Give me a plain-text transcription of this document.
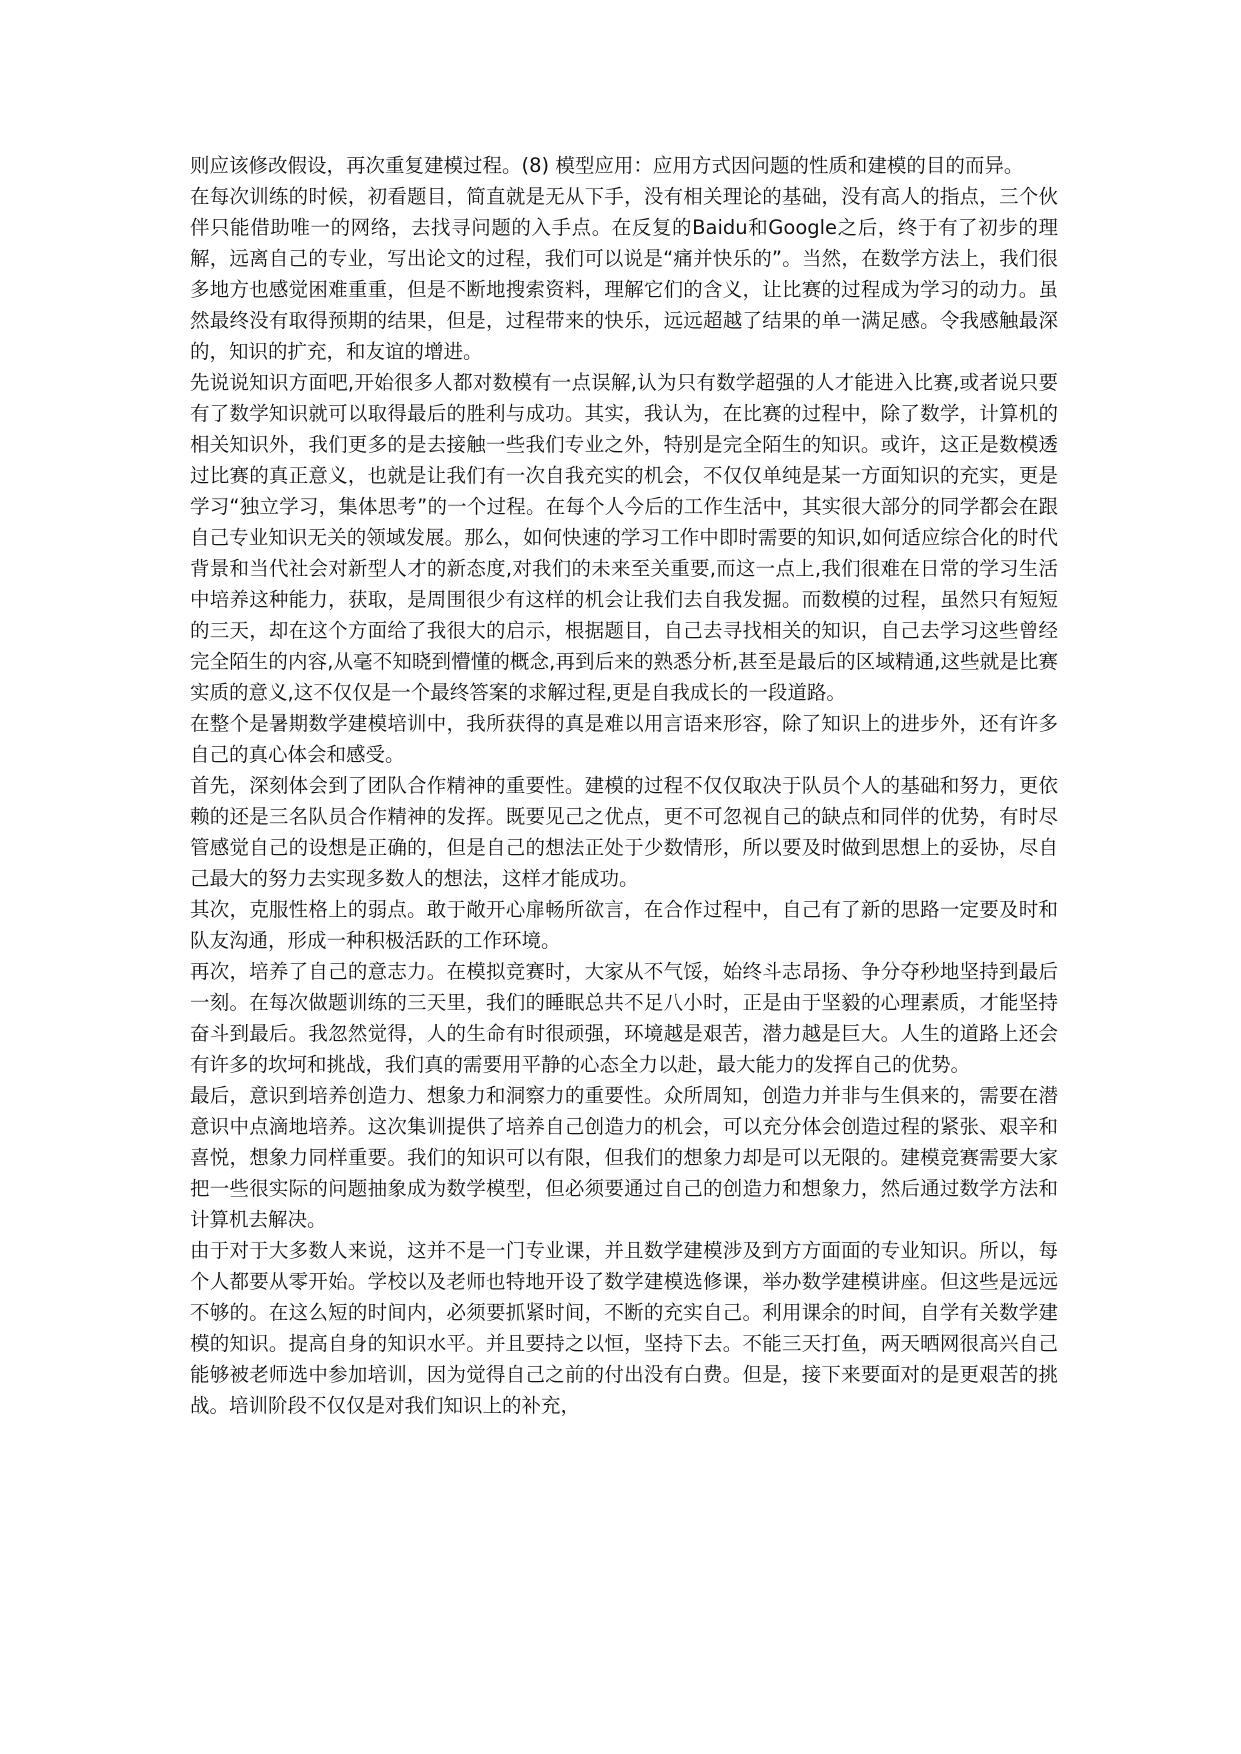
则应该修改假设，再次重复建模过程。(8) 模型应用：应用方式因问题的性质和建模的目的而异。

在每次训练的时候，初看题目，简直就是无从下手，没有相关理论的基础，没有高人的指点，三个伙伴只能借助唯一的网络，去找寻问题的入手点。在反复的Baidu和Google之后，终于有了初步的理解，远离自己的专业，写出论文的过程，我们可以说是“痛并快乐的”。当然，在数学方法上，我们很多地方也感觉困难重重，但是不断地搜索资料，理解它们的含义，让比赛的过程成为学习的动力。虽然最终没有取得预期的结果，但是，过程带来的快乐，远远超越了结果的单一满足感。令我感触最深的，知识的扩充，和友谊的增进。

先说说知识方面吧,开始很多人都对数模有一点误解,认为只有数学超强的人才能进入比赛,或者说只要有了数学知识就可以取得最后的胜利与成功。其实，我认为，在比赛的过程中，除了数学，计算机的相关知识外，我们更多的是去接触一些我们专业之外，特别是完全陌生的知识。或许，这正是数模透过比赛的真正意义，也就是让我们有一次自我充实的机会，不仅仅单纯是某一方面知识的充实，更是学习“独立学习，集体思考”的一个过程。在每个人今后的工作生活中，其实很大部分的同学都会在跟自己专业知识无关的领域发展。那么，如何快速的学习工作中即时需要的知识,如何适应综合化的时代背景和当代社会对新型人才的新态度,对我们的未来至关重要,而这一点上,我们很难在日常的学习生活中培养这种能力，获取，是周围很少有这样的机会让我们去自我发掘。而数模的过程，虽然只有短短的三天，却在这个方面给了我很大的启示，根据题目，自己去寻找相关的知识，自己去学习这些曾经完全陌生的内容,从毫不知晓到懵懂的概念,再到后来的熟悉分析,甚至是最后的区域精通,这些就是比赛实质的意义,这不仅仅是一个最终答案的求解过程,更是自我成长的一段道路。

在整个是暑期数学建模培训中，我所获得的真是难以用言语来形容，除了知识上的进步外，还有许多自己的真心体会和感受。

首先，深刻体会到了团队合作精神的重要性。建模的过程不仅仅取决于队员个人的基础和努力，更依赖的还是三名队员合作精神的发挥。既要见己之优点，更不可忽视自己的缺点和同伴的优势，有时尽管感觉自己的设想是正确的，但是自己的想法正处于少数情形，所以要及时做到思想上的妥协，尽自己最大的努力去实现多数人的想法，这样才能成功。

其次，克服性格上的弱点。敢于敞开心扉畅所欲言，在合作过程中，自己有了新的思路一定要及时和队友沟通，形成一种积极活跃的工作环境。

再次，培养了自己的意志力。在模拟竞赛时，大家从不气馁，始终斗志昂扬、争分夺秒地坚持到最后一刻。在每次做题训练的三天里，我们的睡眠总共不足八小时，正是由于坚毅的心理素质，才能坚持奋斗到最后。我忽然觉得，人的生命有时很顽强，环境越是艰苦，潜力越是巨大。人生的道路上还会有许多的坎坷和挑战，我们真的需要用平静的心态全力以赴，最大能力的发挥自己的优势。

最后，意识到培养创造力、想象力和洞察力的重要性。众所周知，创造力并非与生俱来的，需要在潜意识中点滴地培养。这次集训提供了培养自己创造力的机会，可以充分体会创造过程的紧张、艰辛和喜悦，想象力同样重要。我们的知识可以有限，但我们的想象力却是可以无限的。建模竞赛需要大家把一些很实际的问题抽象成为数学模型，但必须要通过自己的创造力和想象力，然后通过数学方法和计算机去解决。

由于对于大多数人来说，这并不是一门专业课，并且数学建模涉及到方方面面的专业知识。所以，每个人都要从零开始。学校以及老师也特地开设了数学建模选修课，举办数学建模讲座。但这些是远远不够的。在这么短的时间内，必须要抓紧时间，不断的充实自己。利用课余的时间，自学有关数学建模的知识。提高自身的知识水平。并且要持之以恒，坚持下去。不能三天打鱼，两天晒网很高兴自己能够被老师选中参加培训，因为觉得自己之前的付出没有白费。但是，接下来要面对的是更艰苦的挑战。培训阶段不仅仅是对我们知识上的补充，
